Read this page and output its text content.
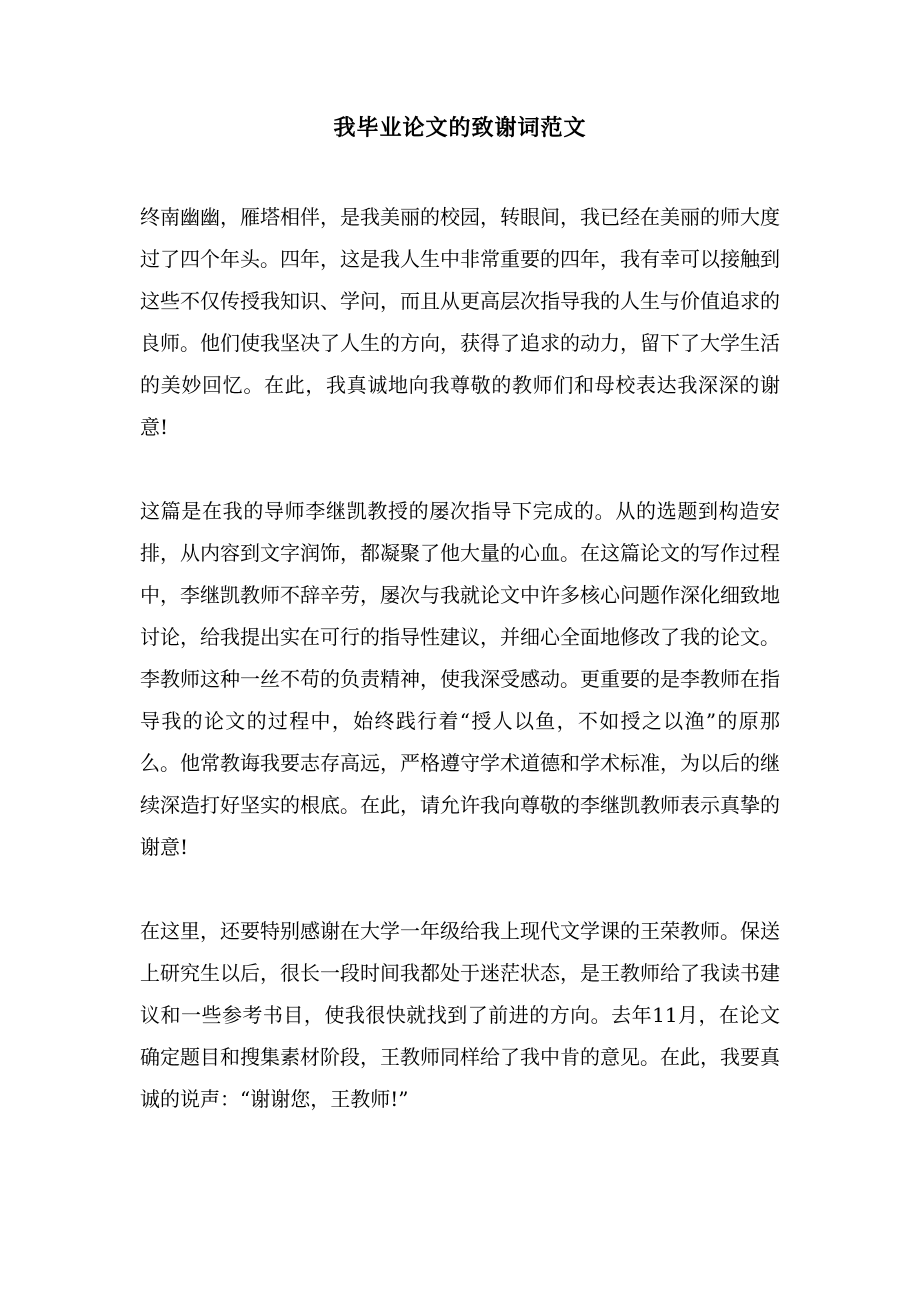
我毕业论文的致谢词范文

终南幽幽，雁塔相伴，是我美丽的校园，转眼间，我已经在美丽的师大度过了四个年头。四年，这是我人生中非常重要的四年，我有幸可以接触到这些不仅传授我知识、学问，而且从更高层次指导我的人生与价值追求的良师。他们使我坚决了人生的方向，获得了追求的动力，留下了大学生活的美妙回忆。在此，我真诚地向我尊敬的教师们和母校表达我深深的谢意!

这篇是在我的导师李继凯教授的屡次指导下完成的。从的选题到构造安排，从内容到文字润饰，都凝聚了他大量的心血。在这篇论文的写作过程中，李继凯教师不辞辛劳，屡次与我就论文中许多核心问题作深化细致地讨论，给我提出实在可行的指导性建议，并细心全面地修改了我的论文。李教师这种一丝不苟的负责精神，使我深受感动。更重要的是李教师在指导我的论文的过程中，始终践行着“授人以鱼，不如授之以渔”的原那么。他常教诲我要志存高远，严格遵守学术道德和学术标准，为以后的继续深造打好坚实的根底。在此，请允许我向尊敬的李继凯教师表示真挚的谢意!

在这里，还要特别感谢在大学一年级给我上现代文学课的王荣教师。保送上研究生以后，很长一段时间我都处于迷茫状态，是王教师给了我读书建议和一些参考书目，使我很快就找到了前进的方向。去年11月，在论文确定题目和搜集素材阶段，王教师同样给了我中肯的意见。在此，我要真诚的说声：“谢谢您，王教师!”
